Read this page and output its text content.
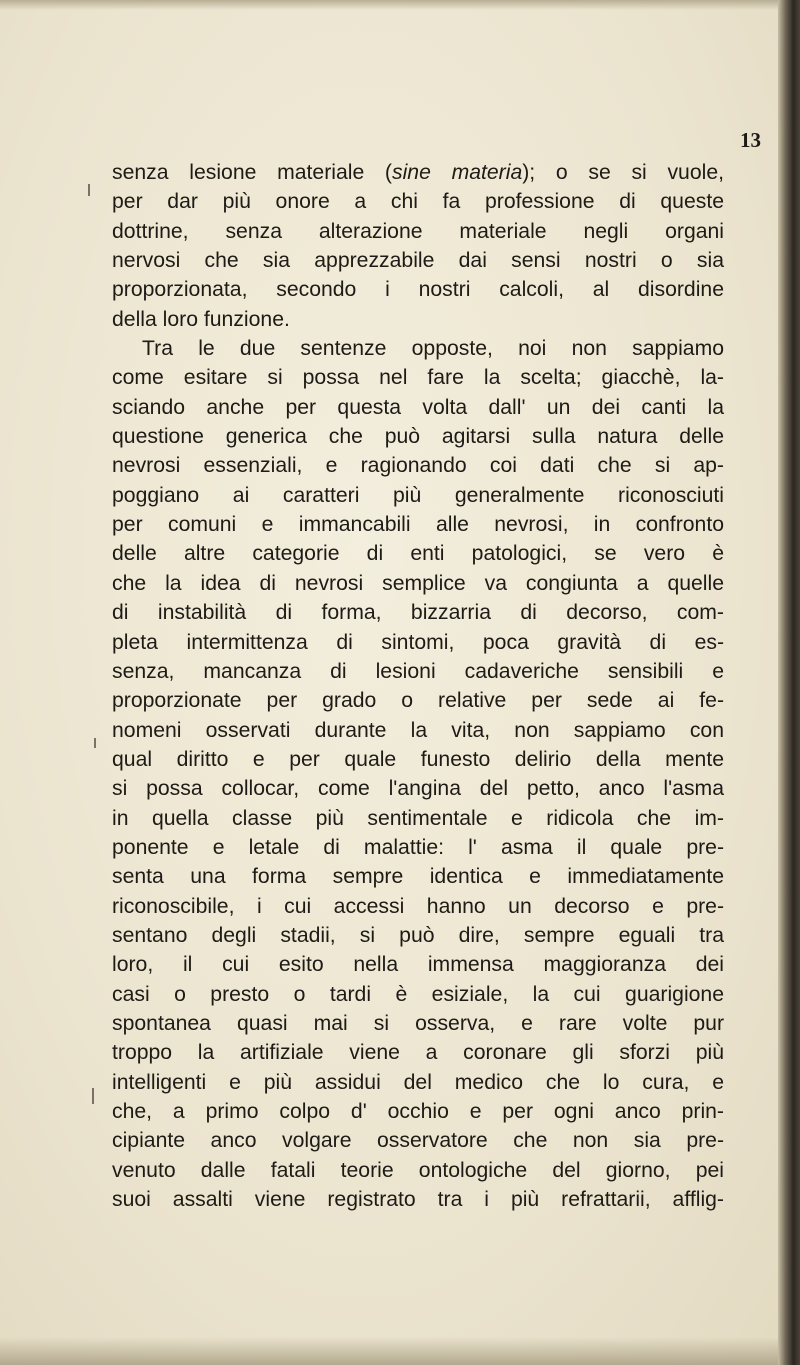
13

senza lesione materiale (sine materia); o se si vuole,
per dar più onore a chi fa professione di queste
dottrine, senza alterazione materiale negli organi
nervosi che sia apprezzabile dai sensi nostri o sia
proporzionata, secondo i nostri calcoli, al disordine
della loro funzione.
Tra le due sentenze opposte, noi non sappiamo
come esitare si possa nel fare la scelta; giacchè, la-
sciando anche per questa volta dall' un dei canti la
questione generica che può agitarsi sulla natura delle
nevrosi essenziali, e ragionando coi dati che si ap-
poggiano ai caratteri più generalmente riconosciuti
per comuni e immancabili alle nevrosi, in confronto
delle altre categorie di enti patologici, se vero è
che la idea di nevrosi semplice va congiunta a quelle
di instabilità di forma, bizzarria di decorso, com-
pleta intermittenza di sintomi, poca gravità di es-
senza, mancanza di lesioni cadaveriche sensibili e
proporzionate per grado o relative per sede ai fe-
nomeni osservati durante la vita, non sappiamo con
qual diritto e per quale funesto delirio della mente
si possa collocar, come l'angina del petto, anco l'asma
in quella classe più sentimentale e ridicola che im-
ponente e letale di malattie: l' asma il quale pre-
senta una forma sempre identica e immediatamente
riconoscibile, i cui accessi hanno un decorso e pre-
sentano degli stadii, si può dire, sempre eguali tra
loro, il cui esito nella immensa maggioranza dei
casi o presto o tardi è esiziale, la cui guarigione
spontanea quasi mai si osserva, e rare volte pur
troppo la artifiziale viene a coronare gli sforzi più
intelligenti e più assidui del medico che lo cura, e
che, a primo colpo d' occhio e per ogni anco prin-
cipiante anco volgare osservatore che non sia pre-
venuto dalle fatali teorie ontologiche del giorno, pei
suoi assalti viene registrato tra i più refrattarii, afflig-
